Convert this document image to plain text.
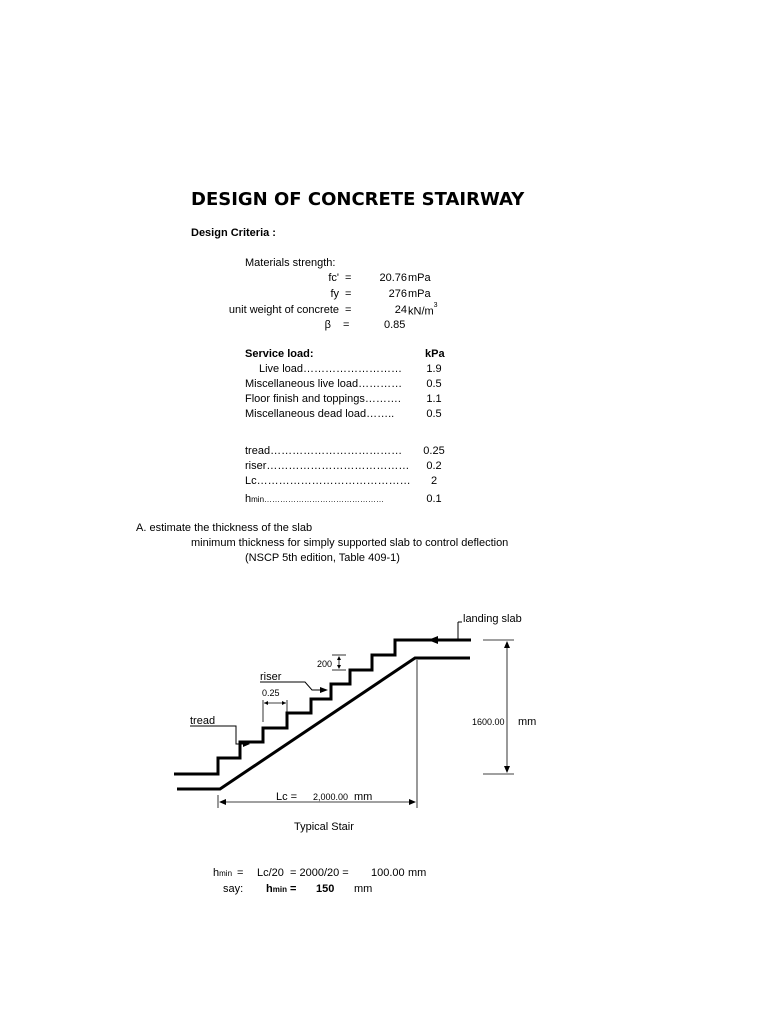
DESIGN OF CONCRETE STAIRWAY
Design Criteria :
Materials strength:
fc' =	20.76 mPa
fy =	276 mPa
unit weight of concrete =	24 $kN/m^3$
β =	0.85
Service load:	kPa
Live load………………………	1.9
Miscellaneous live load…………	0.5
Floor finish and toppings……….	1.1
Miscellaneous dead load……..	0.5
tread……………………………… 0.25
riser…………………………………	0.2
Lc……………………………………	2
hmin………………………………………	0.1
A. estimate the thickness of the slab
minimum thickness for simply supported slab to control deflection
(NSCP 5th edition, Table 409-1)
landing slab
200
riser
0.25
tread	1600.00 mm
Lc = 2,000.00 mm
Typical Stair
hmin = Lc/20 = 2000/20 = 100.00 mm
say: hmin = 150 mm
